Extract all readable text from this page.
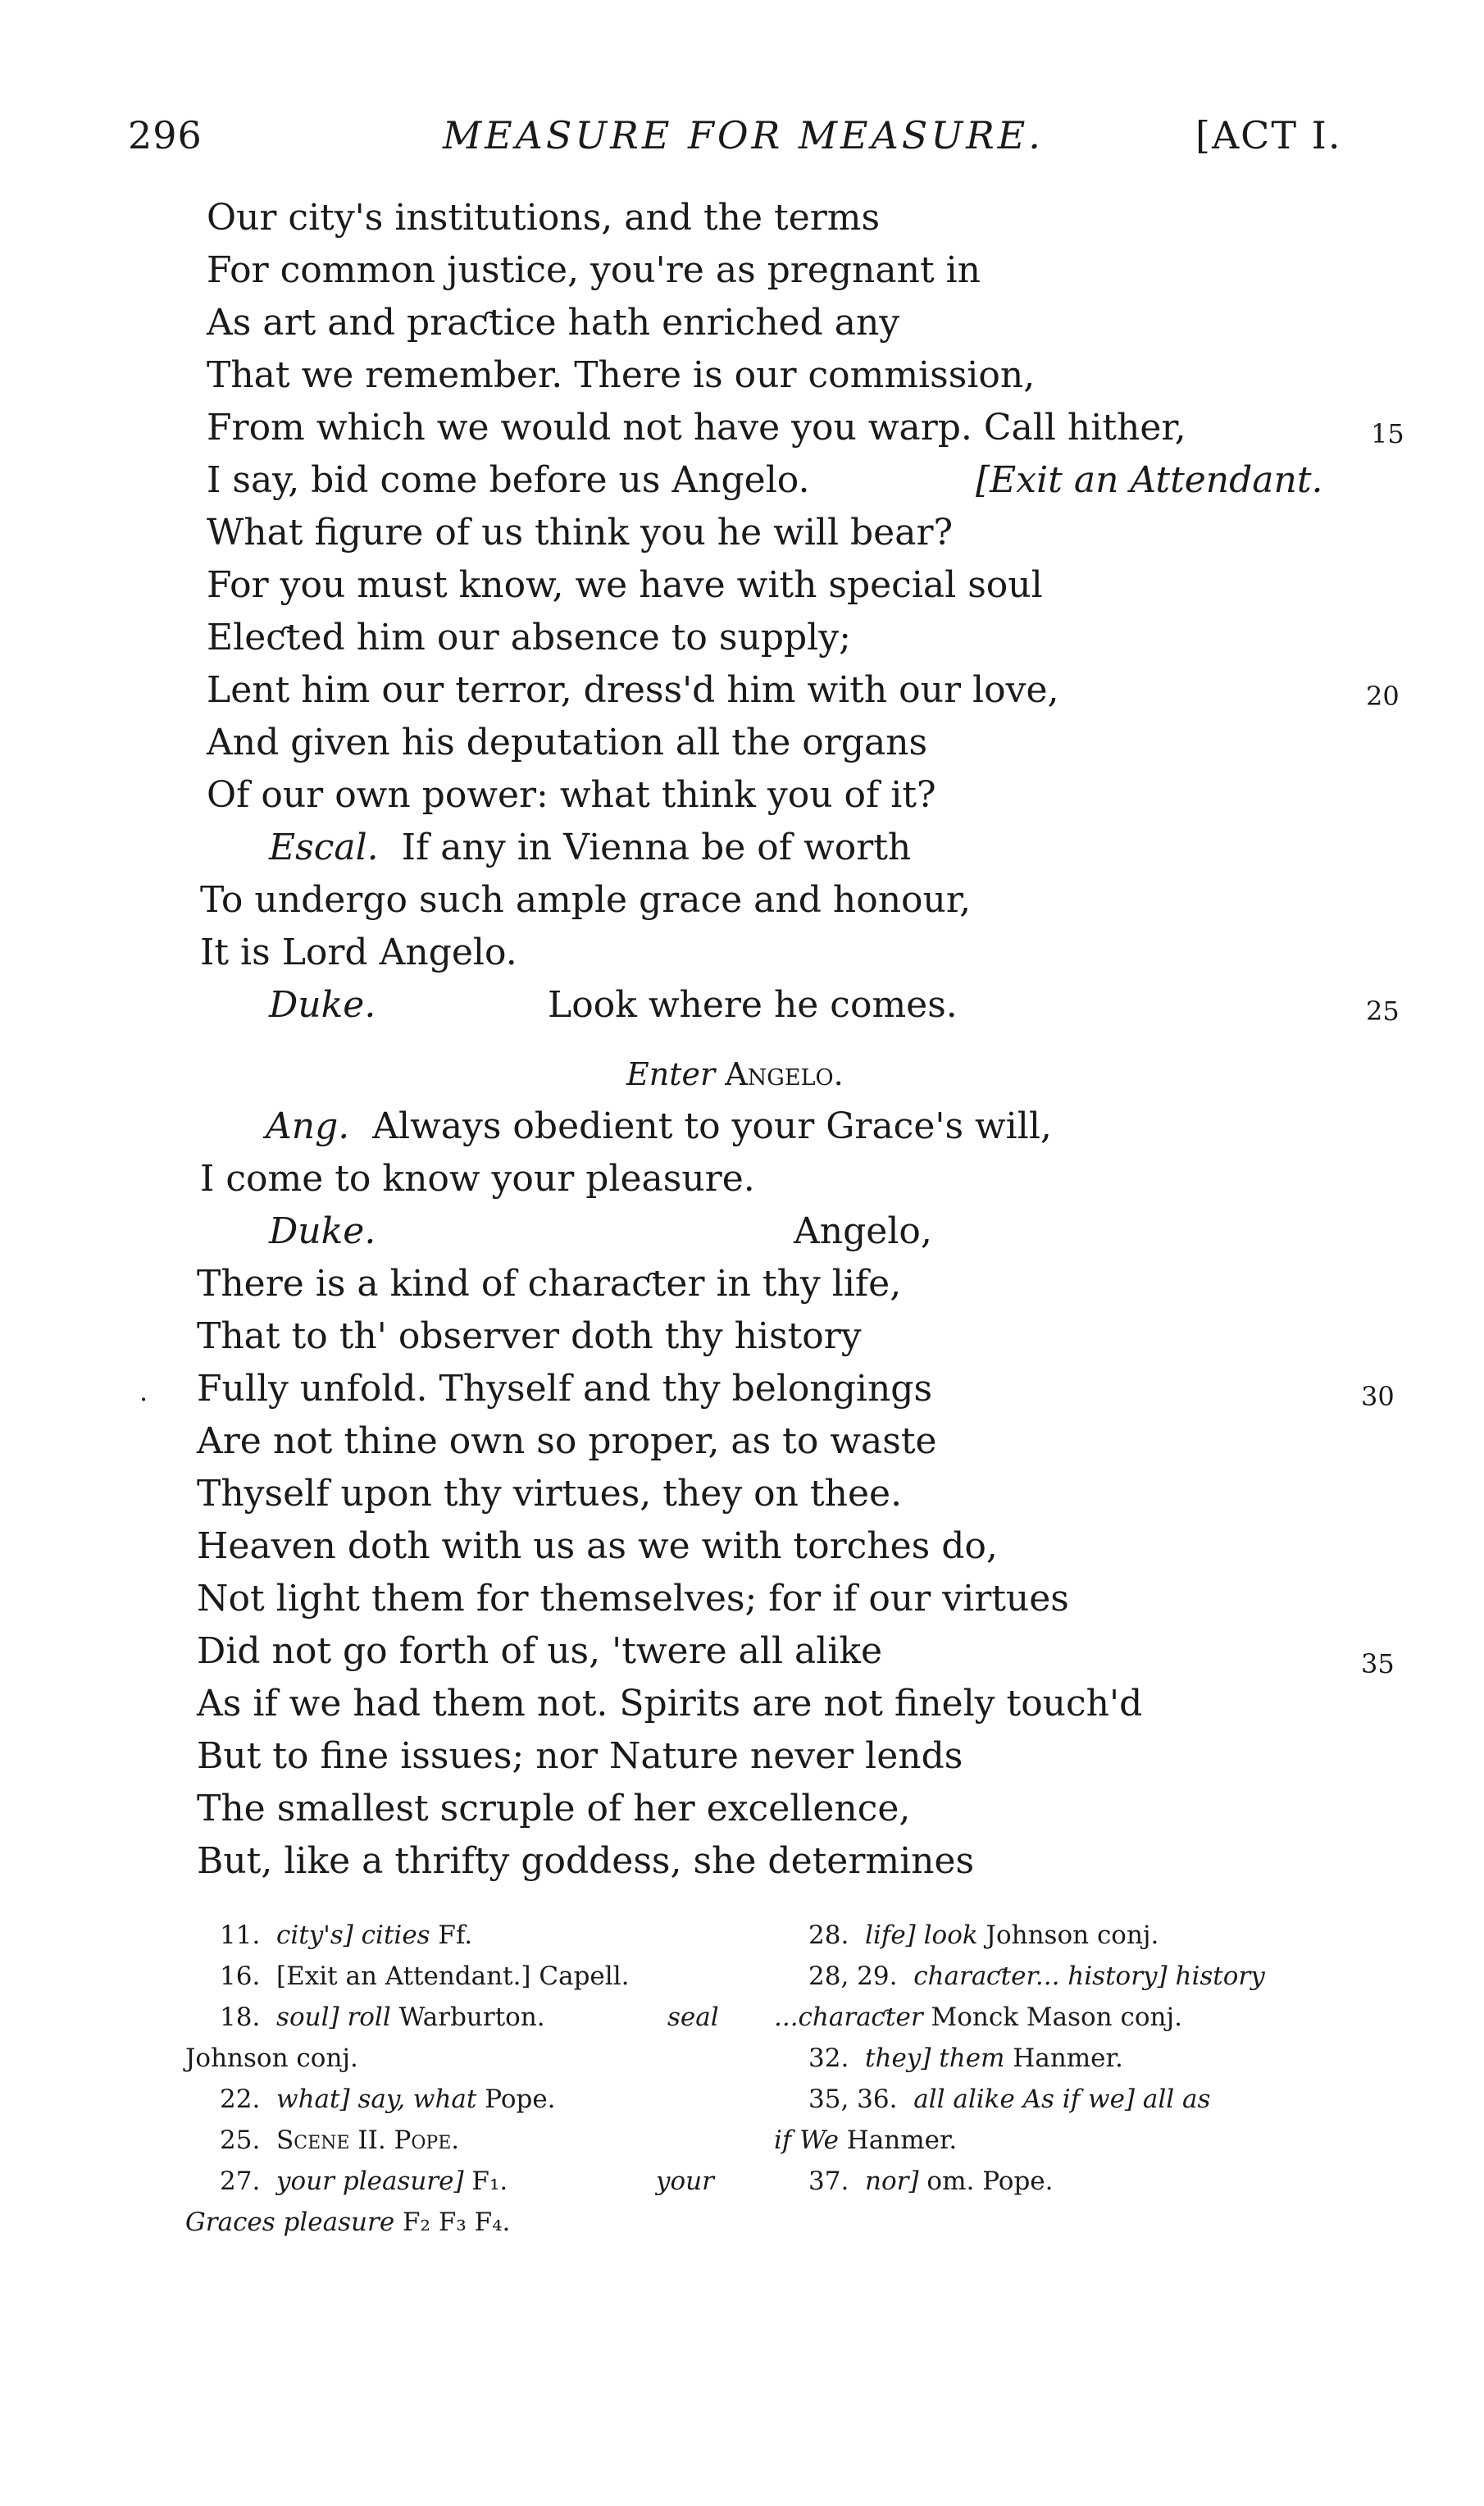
296	MEASURE FOR MEASURE.	[ACT I.
Our city's institutions, and the terms
For common justice, you're as pregnant in
As art and praƈtice hath enriched any
That we remember. There is our commission,
From which we would not have you warp. Call hither,	15
I say, bid come before us Angelo.	[Exit an Attendant.
What figure of us think you he will bear?
For you must know, we have with special soul
Eleƈted him our absence to supply;
Lent him our terror, dress'd him with our love,	20
And given his deputation all the organs
Of our own power: what think you of it?
Escal. If any in Vienna be of worth
To undergo such ample grace and honour,
It is Lord Angelo.
Duke.	Look where he comes.	25
Enter Angelo.
Ang. Always obedient to your Grace's will,
I come to know your pleasure.
Duke.	Angelo,
There is a kind of charaƈter in thy life,
That to th' observer doth thy history
. Fully unfold. Thyself and thy belongings	30
Are not thine own so proper, as to waste
Thyself upon thy virtues, they on thee.
Heaven doth with us as we with torches do,
Not light them for themselves; for if our virtues
Did not go forth of us, 'twere all alike	35
As if we had them not. Spirits are not finely touch'd
But to fine issues; nor Nature never lends
The smallest scruple of her excellence,
But, like a thrifty goddess, she determines
11. city's] cities Ff.
16. [Exit an Attendant.] Capell.
18. soul] roll Warburton.	seal
Johnson conj.
22. what] say, what Pope.
25. Scene II. Pope.
27. your pleasure] F₁.	your
Graces pleasure F₂ F₃ F₄.
28. life] look Johnson conj.
28, 29. charaƈter... history] history
...charaƈter Monck Mason conj.
32. they] them Hanmer.
35, 36. all alike As if we] all as
if We Hanmer.
37. nor] om. Pope.
